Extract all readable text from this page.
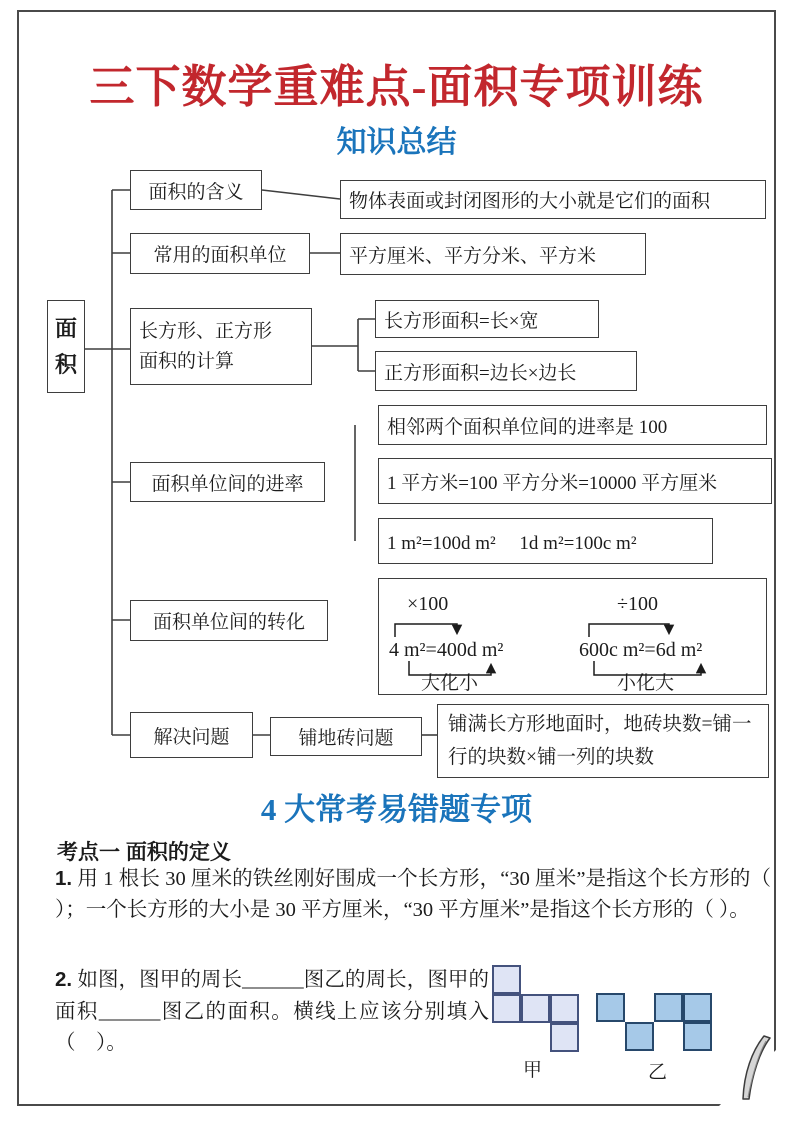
三下数学重难点-面积专项训练
知识总结
面
积
面积的含义
常用的面积单位
长方形、正方形
面积的计算
面积单位间的进率
面积单位间的转化
解决问题
物体表面或封闭图形的大小就是它们的面积
平方厘米、平方分米、平方米
长方形面积=长×宽
正方形面积=边长×边长
相邻两个面积单位间的进率是 100
1 平方米=100 平方分米=10000 平方厘米
1 m²=100d m²　 1d m²=100c m²
×100
4 m²=400d m²
大化小
÷100
600c m²=6d m²
小化大
铺地砖问题
铺满长方形地面时，地砖块数=铺一行的块数×铺一列的块数
4 大常考易错题专项

考点一 面积的定义

1. 用 1 根长 30 厘米的铁丝刚好围成一个长方形，“30 厘米”是指这个长方形的（ ）；一个长方形的大小是 30 平方厘米，“30 平方厘米”是指这个长方形的（ ）。

2. 如图，图甲的周长______图乙的周长，图甲的面积______图乙的面积。横线上应该分别填入（　）。

甲	乙
